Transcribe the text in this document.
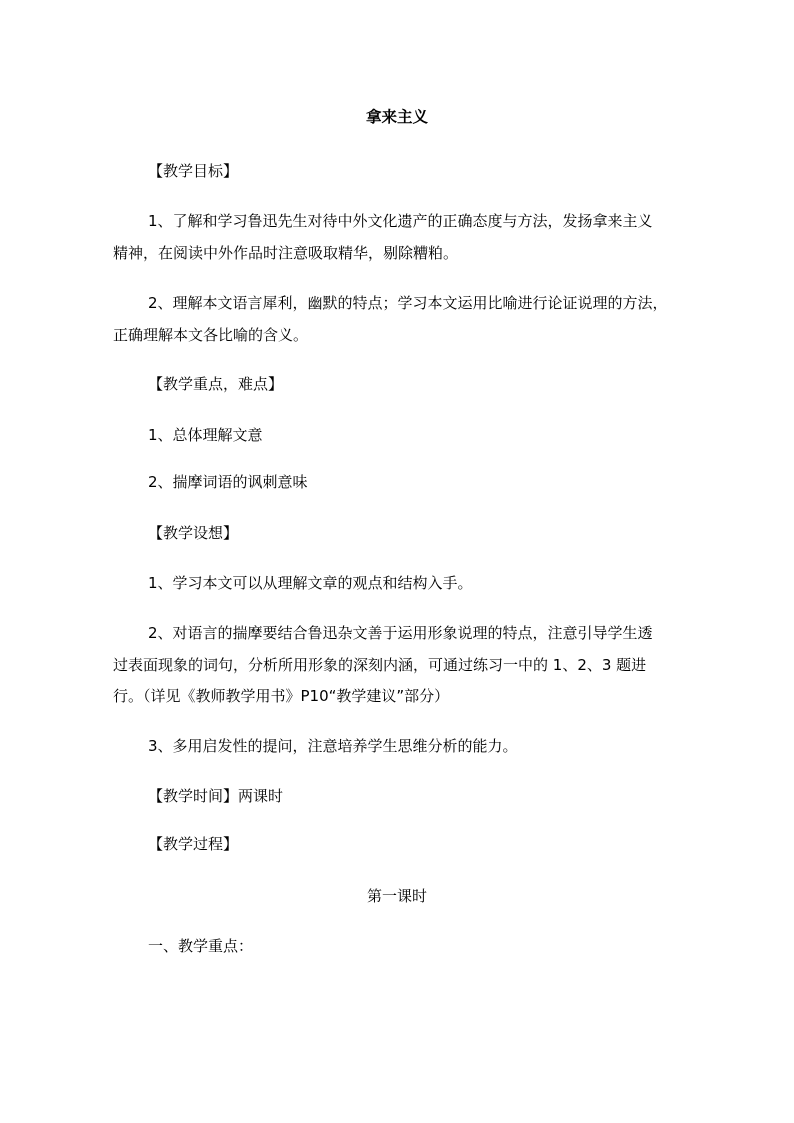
拿来主义
【教学目标】
1、了解和学习鲁迅先生对待中外文化遗产的正确态度与方法，发扬拿来主义
精神，在阅读中外作品时注意吸取精华，剔除糟粕。
2、理解本文语言犀利，幽默的特点；学习本文运用比喻进行论证说理的方法，
正确理解本文各比喻的含义。
【教学重点，难点】
1、总体理解文意
2、揣摩词语的讽刺意味
【教学设想】
1、学习本文可以从理解文章的观点和结构入手。
2、对语言的揣摩要结合鲁迅杂文善于运用形象说理的特点，注意引导学生透
过表面现象的词句，分析所用形象的深刻内涵，可通过练习一中的 1、2、3 题进
行。（详见《教师教学用书》P10“教学建议”部分）
3、多用启发性的提问，注意培养学生思维分析的能力。
【教学时间】两课时
【教学过程】
第一课时
一、教学重点：
